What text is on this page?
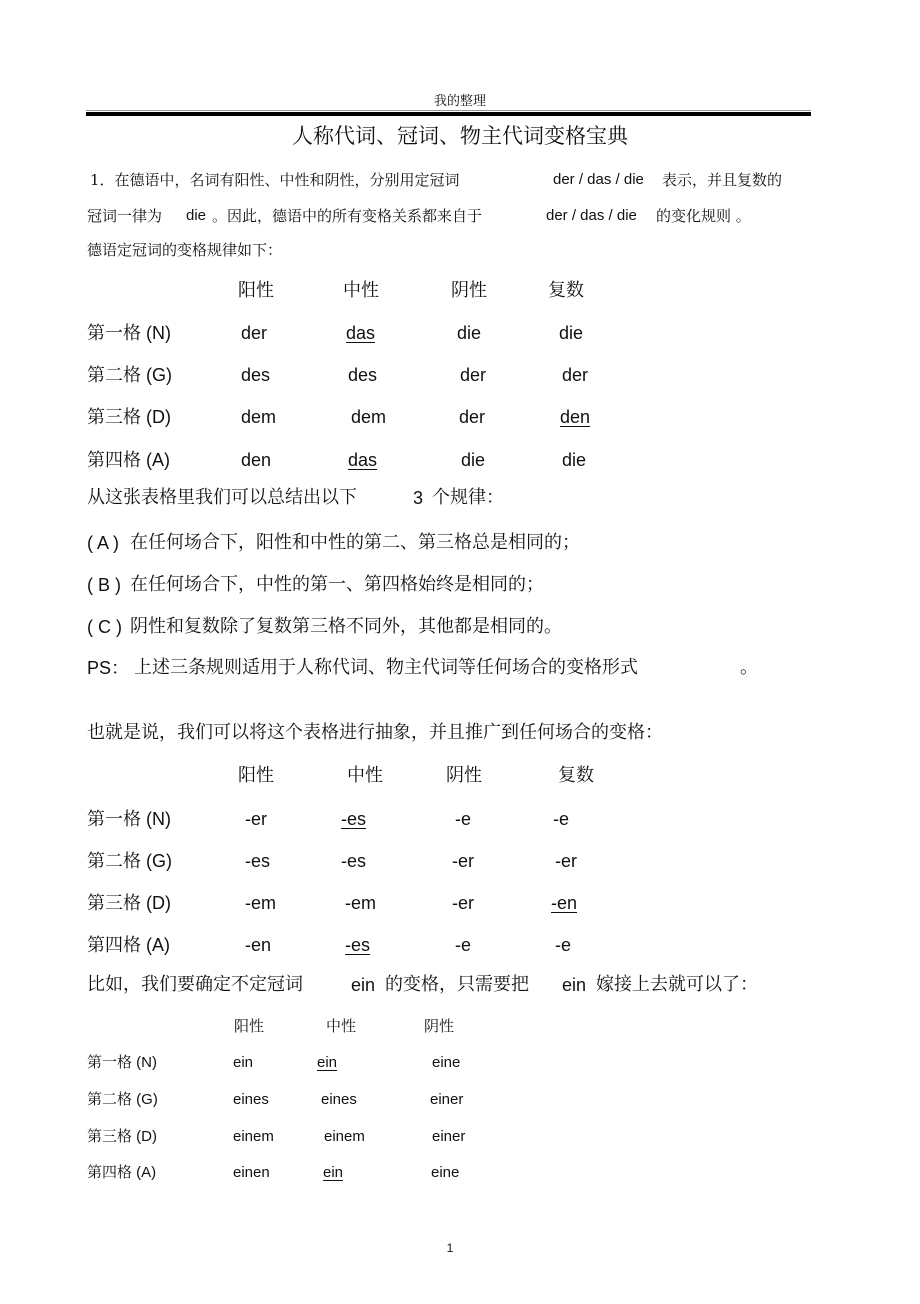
我的整理
人称代词、冠词、物主代词变格宝典
1．在德语中，名词有阳性、中性和阴性，分别用定冠词	der / das / die 表示，并且复数的
冠词一律为 die 。因此，德语中的所有变格关系都来自于	der / das / die 的变化规则 。
德语定冠词的变格规律如下：
阳性	中性	阴性	复数
第一格 (N)	der	das	die	die
第二格 (G)	des	des	der	der
第三格 (D)	dem	dem	der	den
第四格 (A)	den	das	die	die
从这张表格里我们可以总结出以下	3 个规律：
( A ) 在任何场合下，阳性和中性的第二、第三格总是相同的；
( B ) 在任何场合下，中性的第一、第四格始终是相同的；
( C ) 阴性和复数除了复数第三格不同外，其他都是相同的。
PS： 上述三条规则适用于人称代词、物主代词等任何场合的变格形式	。
也就是说，我们可以将这个表格进行抽象，并且推广到任何场合的变格：
阳性	中性	阴性	复数
第一格 (N)	-er	-es	-e	-e
第二格 (G)	-es	-es	-er	-er
第三格 (D)	-em	-em	-er	-en
第四格 (A)	-en	-es	-e	-e
比如，我们要确定不定冠词	ein 的变格，只需要把 ein 嫁接上去就可以了：
阳性	中性	阴性
第一格 (N)	ein	ein	eine
第二格 (G)	eines	eines	einer
第三格 (D)	einem	einem	einer
第四格 (A)	einen	ein	eine
1
